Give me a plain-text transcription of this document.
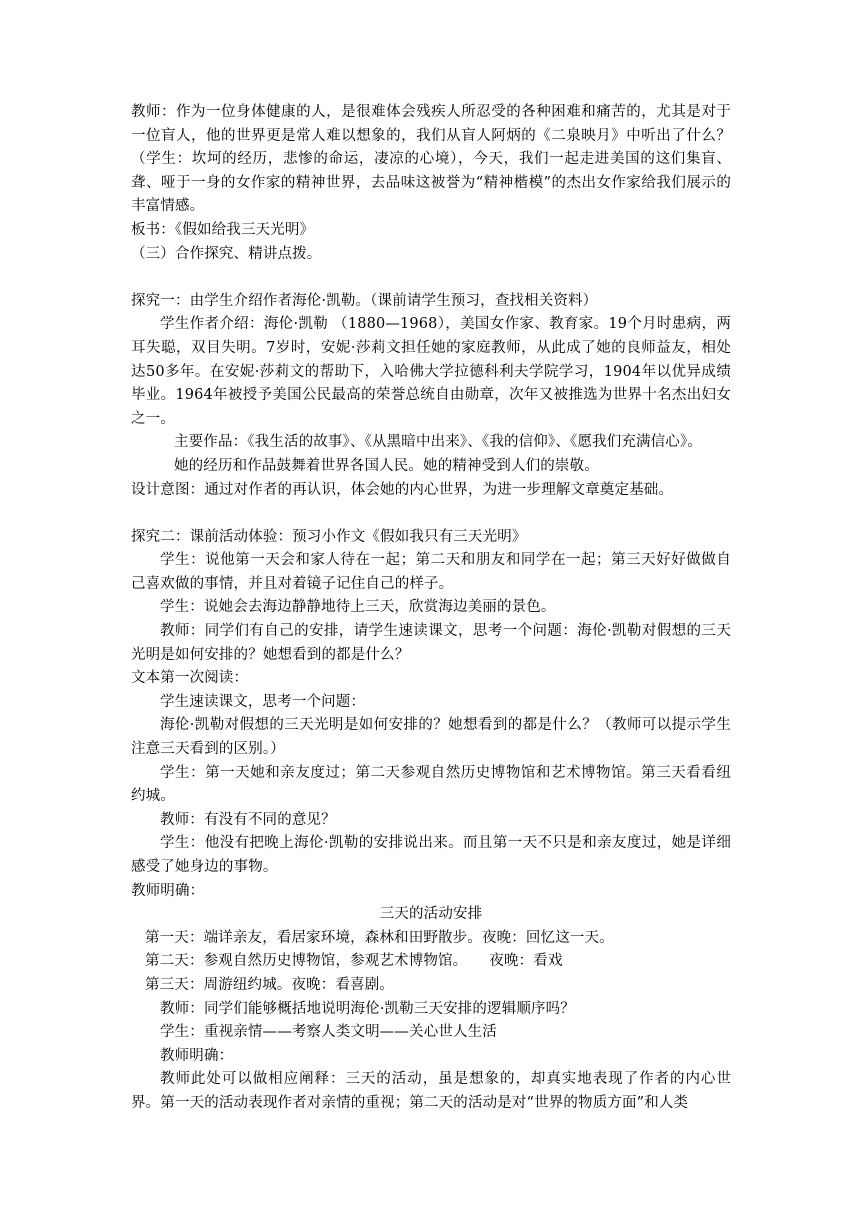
教师：作为一位身体健康的人，是很难体会残疾人所忍受的各种困难和痛苦的，尤其是对于一位盲人，他的世界更是常人难以想象的，我们从盲人阿炳的《二泉映月》中听出了什么？（学生：坎坷的经历，悲惨的命运，凄凉的心境），今天，我们一起走进美国的这们集盲、聋、哑于一身的女作家的精神世界，去品味这被誉为“精神楷模”的杰出女作家给我们展示的丰富情感。

板书：《假如给我三天光明》

（三）合作探究、精讲点拨。

探究一：由学生介绍作者海伦·凯勒。（课前请学生预习，查找相关资料）

学生作者介绍：海伦·凯勒 （1880—1968），美国女作家、教育家。19个月时患病，两耳失聪，双目失明。7岁时，安妮·莎莉文担任她的家庭教师，从此成了她的良师益友，相处达50多年。在安妮·莎莉文的帮助下，入哈佛大学拉德科利夫学院学习，1904年以优异成绩毕业。1964年被授予美国公民最高的荣誉总统自由勋章，次年又被推选为世界十名杰出妇女之一。

主要作品：《我生活的故事》、《从黑暗中出来》、《我的信仰》、《愿我们充满信心》。

她的经历和作品鼓舞着世界各国人民。她的精神受到人们的崇敬。

设计意图：通过对作者的再认识，体会她的内心世界，为进一步理解文章奠定基础。

探究二：课前活动体验：预习小作文《假如我只有三天光明》

学生：说他第一天会和家人待在一起；第二天和朋友和同学在一起；第三天好好做做自己喜欢做的事情，并且对着镜子记住自己的样子。

学生：说她会去海边静静地待上三天，欣赏海边美丽的景色。

教师：同学们有自己的安排，请学生速读课文，思考一个问题：海伦·凯勒对假想的三天光明是如何安排的？她想看到的都是什么？

文本第一次阅读：

学生速读课文，思考一个问题：

海伦·凯勒对假想的三天光明是如何安排的？她想看到的都是什么？（教师可以提示学生注意三天看到的区别。）

学生：第一天她和亲友度过；第二天参观自然历史博物馆和艺术博物馆。第三天看看纽约城。

教师：有没有不同的意见？

学生：他没有把晚上海伦·凯勒的安排说出来。而且第一天不只是和亲友度过，她是详细感受了她身边的事物。

教师明确：

三天的活动安排

第一天：端详亲友，看居家环境，森林和田野散步。夜晚：回忆这一天。

第二天：参观自然历史博物馆，参观艺术博物馆。　　夜晚：看戏

第三天：周游纽约城。夜晚：看喜剧。

教师：同学们能够概括地说明海伦·凯勒三天安排的逻辑顺序吗？

学生：重视亲情——考察人类文明——关心世人生活

教师明确：

教师此处可以做相应阐释：三天的活动，虽是想象的，却真实地表现了作者的内心世界。第一天的活动表现作者对亲情的重视；第二天的活动是对“世界的物质方面”和人类
